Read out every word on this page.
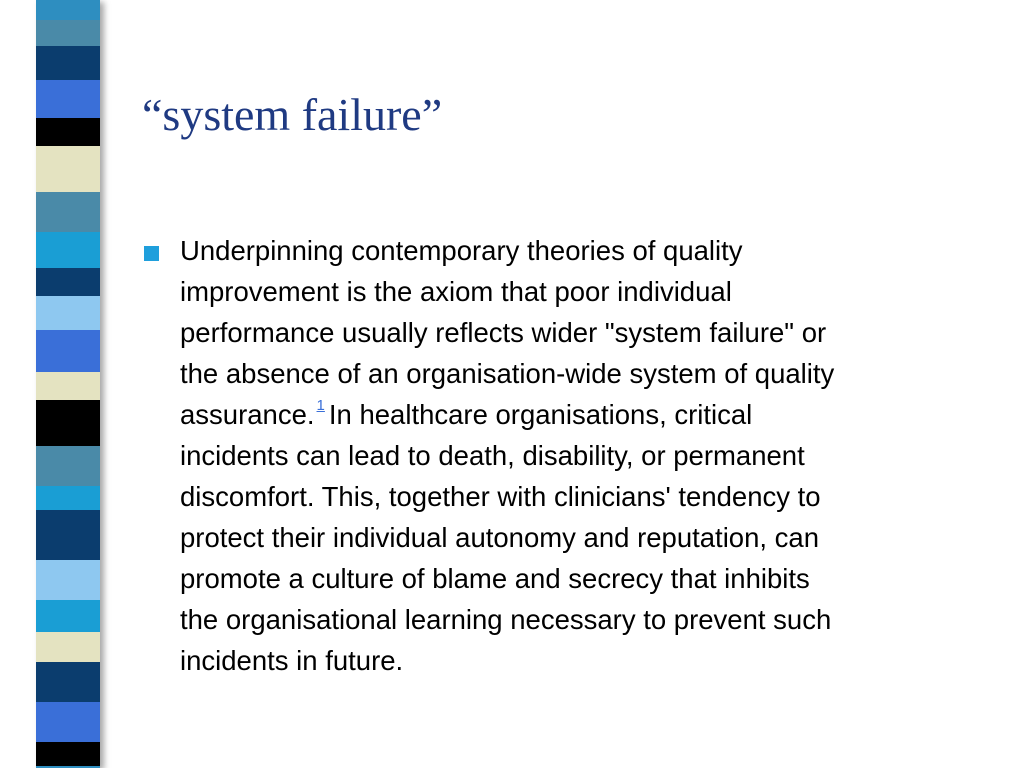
“system failure”
Underpinning contemporary theories of quality
improvement is the axiom that poor individual
performance usually reflects wider "system failure" or
the absence of an organisation-wide system of quality
assurance. $^1$ In healthcare organisations, critical
incidents can lead to death, disability, or permanent
discomfort. This, together with clinicians' tendency to
protect their individual autonomy and reputation, can
promote a culture of blame and secrecy that inhibits
the organisational learning necessary to prevent such
incidents in future.
